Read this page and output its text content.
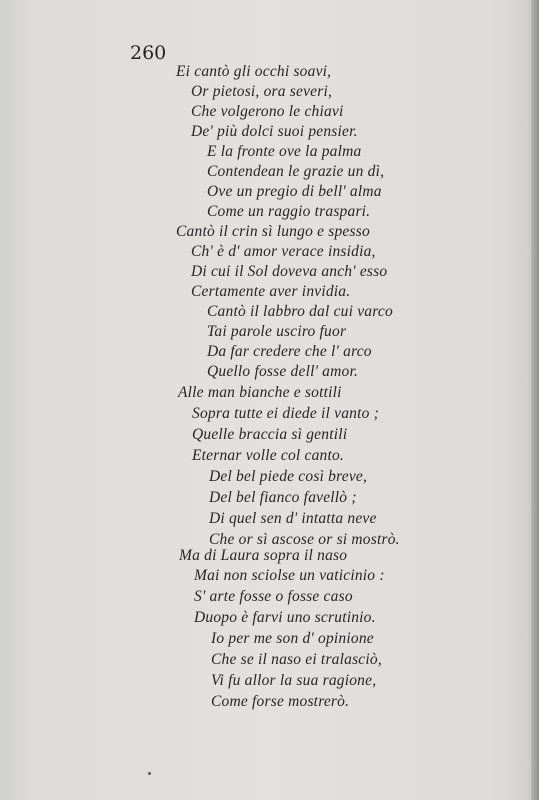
260
Ei cantò gli occhi soavi,
Or pietosi, ora severi,
Che volgerono le chiavi
De' più dolci suoi pensier.
E la fronte ove la palma
Contendean le grazie un dì,
Ove un pregio di bell' alma
Come un raggio traspari.
Cantò il crin sì lungo e spesso
Ch' è d' amor verace insidia,
Di cui il Sol doveva anch' esso
Certamente aver invidia.
Cantò il labbro dal cui varco
Tai parole usciro fuor
Da far credere che l' arco
Quello fosse dell' amor.
Alle man bianche e sottili
Sopra tutte ei diede il vanto ;
Quelle braccia sì gentili
Eternar volle col canto.
Del bel piede così breve,
Del bel fianco favellò ;
Di quel sen d' intatta neve
Che or sì ascose or si mostrò.
Ma di Laura sopra il naso
Mai non sciolse un vaticinio :
S' arte fosse o fosse caso
Duopo è farvi uno scrutinio.
Io per me son d' opinione
Che se il naso ei tralasciò,
Vi fu allor la sua ragione,
Come forse mostrerò.
